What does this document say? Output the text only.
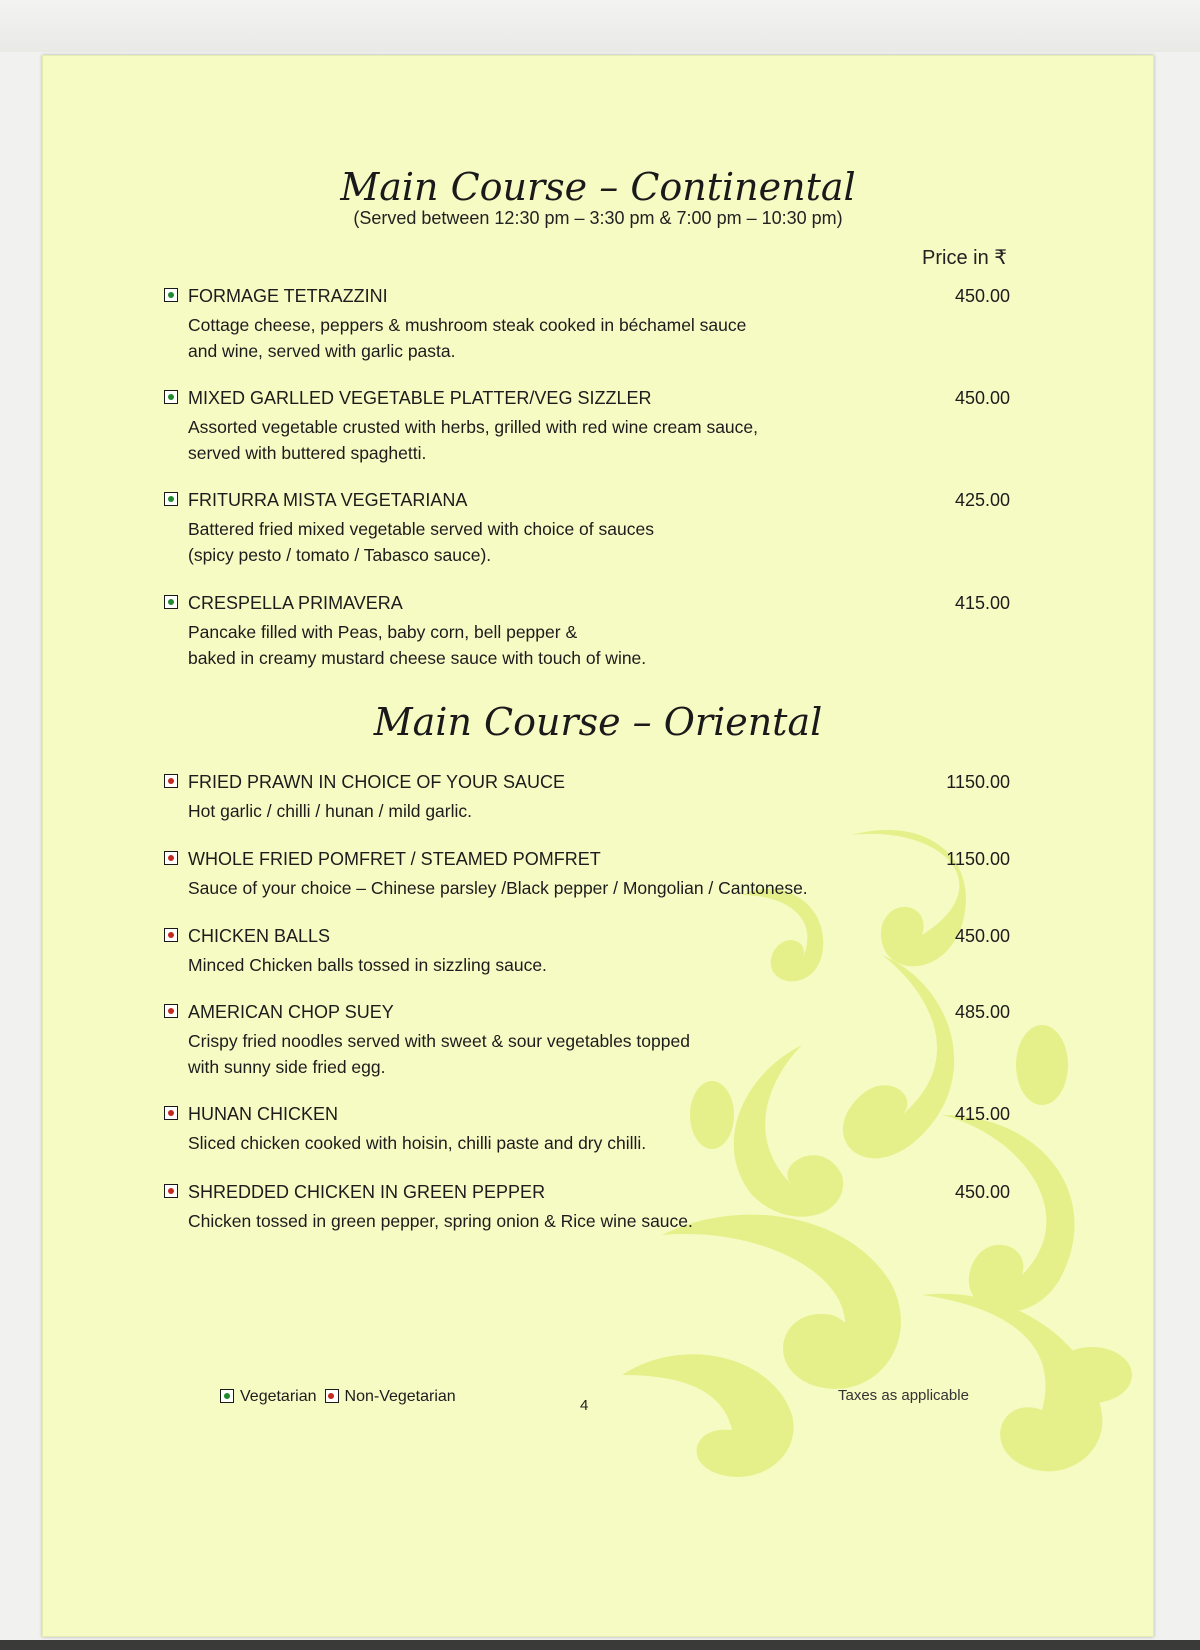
Main Course – Continental
(Served between 12:30 pm – 3:30 pm & 7:00 pm – 10:30 pm)
Price in ₹
FORMAGE TETRAZZINI	450.00
Cottage cheese, peppers & mushroom steak cooked in béchamel sauce
and wine, served with garlic pasta.
MIXED GARLLED VEGETABLE PLATTER/VEG SIZZLER	450.00
Assorted vegetable crusted with herbs, grilled with red wine cream sauce,
served with buttered spaghetti.
FRITURRA MISTA VEGETARIANA	425.00
Battered fried mixed vegetable served with choice of sauces
(spicy pesto / tomato / Tabasco sauce).
CRESPELLA PRIMAVERA	415.00
Pancake filled with Peas, baby corn, bell pepper &
baked in creamy mustard cheese sauce with touch of wine.
Main Course – Oriental
FRIED PRAWN IN CHOICE OF YOUR SAUCE	1150.00
Hot garlic / chilli / hunan / mild garlic.
WHOLE FRIED POMFRET / STEAMED POMFRET	1150.00
Sauce of your choice – Chinese parsley /Black pepper / Mongolian / Cantonese.
CHICKEN BALLS	450.00
Minced Chicken balls tossed in sizzling sauce.
AMERICAN CHOP SUEY	485.00
Crispy fried noodles served with sweet & sour vegetables topped
with sunny side fried egg.
HUNAN CHICKEN	415.00
Sliced chicken cooked with hoisin, chilli paste and dry chilli.
SHREDDED CHICKEN IN GREEN PEPPER	450.00
Chicken tossed in green pepper, spring onion & Rice wine sauce.
Vegetarian Non-Vegetarian
4
Taxes as applicable
